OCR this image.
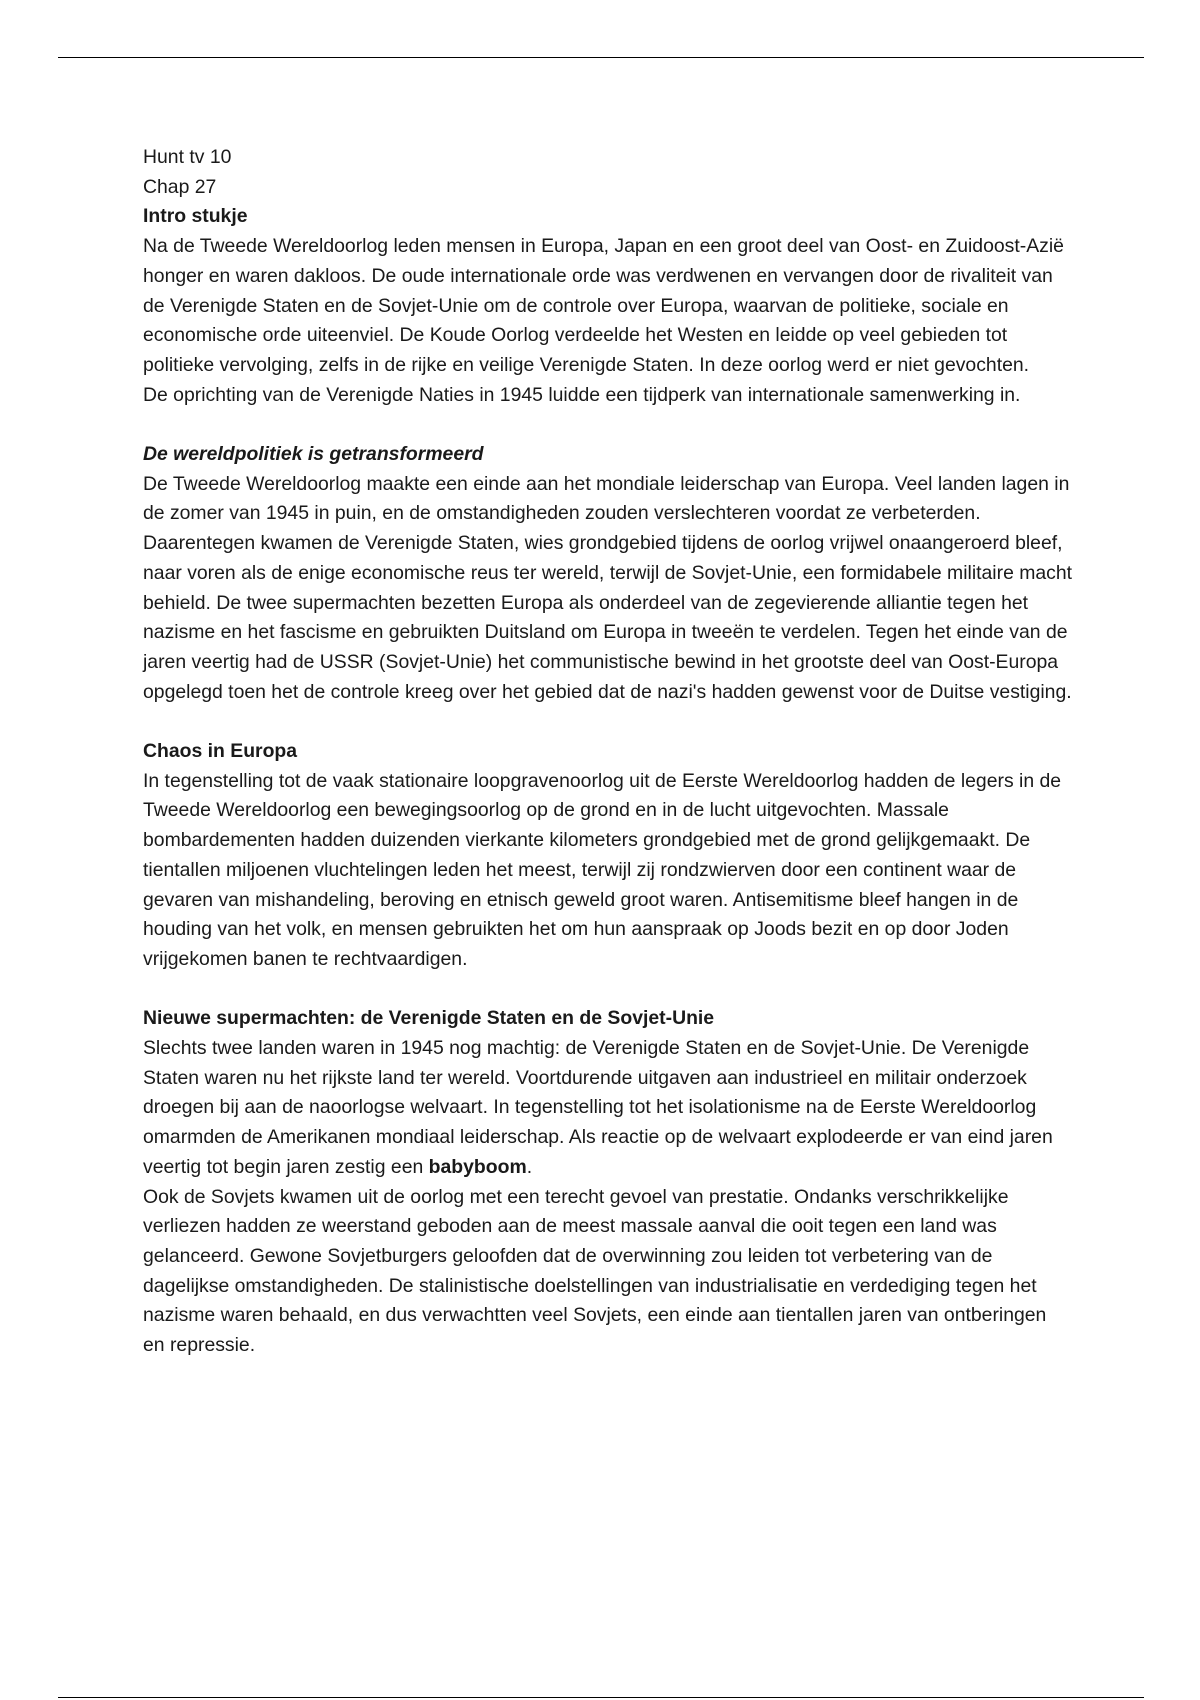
Hunt tv 10

Chap 27

Intro stukje

Na de Tweede Wereldoorlog leden mensen in Europa, Japan en een groot deel van Oost- en Zuidoost-Azië honger en waren dakloos. De oude internationale orde was verdwenen en vervangen door de rivaliteit van de Verenigde Staten en de Sovjet-Unie om de controle over Europa, waarvan de politieke, sociale en economische orde uiteenviel. De Koude Oorlog verdeelde het Westen en leidde op veel gebieden tot politieke vervolging, zelfs in de rijke en veilige Verenigde Staten. In deze oorlog werd er niet gevochten.

De oprichting van de Verenigde Naties in 1945 luidde een tijdperk van internationale samenwerking in.

De wereldpolitiek is getransformeerd

De Tweede Wereldoorlog maakte een einde aan het mondiale leiderschap van Europa. Veel landen lagen in de zomer van 1945 in puin, en de omstandigheden zouden verslechteren voordat ze verbeterden. Daarentegen kwamen de Verenigde Staten, wies grondgebied tijdens de oorlog vrijwel onaangeroerd bleef, naar voren als de enige economische reus ter wereld, terwijl de Sovjet-Unie, een formidabele militaire macht behield. De twee supermachten bezetten Europa als onderdeel van de zegevierende alliantie tegen het nazisme en het fascisme en gebruikten Duitsland om Europa in tweeën te verdelen. Tegen het einde van de jaren veertig had de USSR (Sovjet-Unie) het communistische bewind in het grootste deel van Oost-Europa opgelegd toen het de controle kreeg over het gebied dat de nazi's hadden gewenst voor de Duitse vestiging.

Chaos in Europa

In tegenstelling tot de vaak stationaire loopgravenoorlog uit de Eerste Wereldoorlog hadden de legers in de Tweede Wereldoorlog een bewegingsoorlog op de grond en in de lucht uitgevochten. Massale bombardementen hadden duizenden vierkante kilometers grondgebied met de grond gelijkgemaakt. De tientallen miljoenen vluchtelingen leden het meest, terwijl zij rondzwierven door een continent waar de gevaren van mishandeling, beroving en etnisch geweld groot waren. Antisemitisme bleef hangen in de houding van het volk, en mensen gebruikten het om hun aanspraak op Joods bezit en op door Joden vrijgekomen banen te rechtvaardigen.

Nieuwe supermachten: de Verenigde Staten en de Sovjet-Unie

Slechts twee landen waren in 1945 nog machtig: de Verenigde Staten en de Sovjet-Unie. De Verenigde Staten waren nu het rijkste land ter wereld. Voortdurende uitgaven aan industrieel en militair onderzoek droegen bij aan de naoorlogse welvaart. In tegenstelling tot het isolationisme na de Eerste Wereldoorlog omarmden de Amerikanen mondiaal leiderschap. Als reactie op de welvaart explodeerde er van eind jaren veertig tot begin jaren zestig een babyboom.

Ook de Sovjets kwamen uit de oorlog met een terecht gevoel van prestatie. Ondanks verschrikkelijke verliezen hadden ze weerstand geboden aan de meest massale aanval die ooit tegen een land was gelanceerd. Gewone Sovjetburgers geloofden dat de overwinning zou leiden tot verbetering van de dagelijkse omstandigheden. De stalinistische doelstellingen van industrialisatie en verdediging tegen het nazisme waren behaald, en dus verwachtten veel Sovjets, een einde aan tientallen jaren van ontberingen en repressie.
